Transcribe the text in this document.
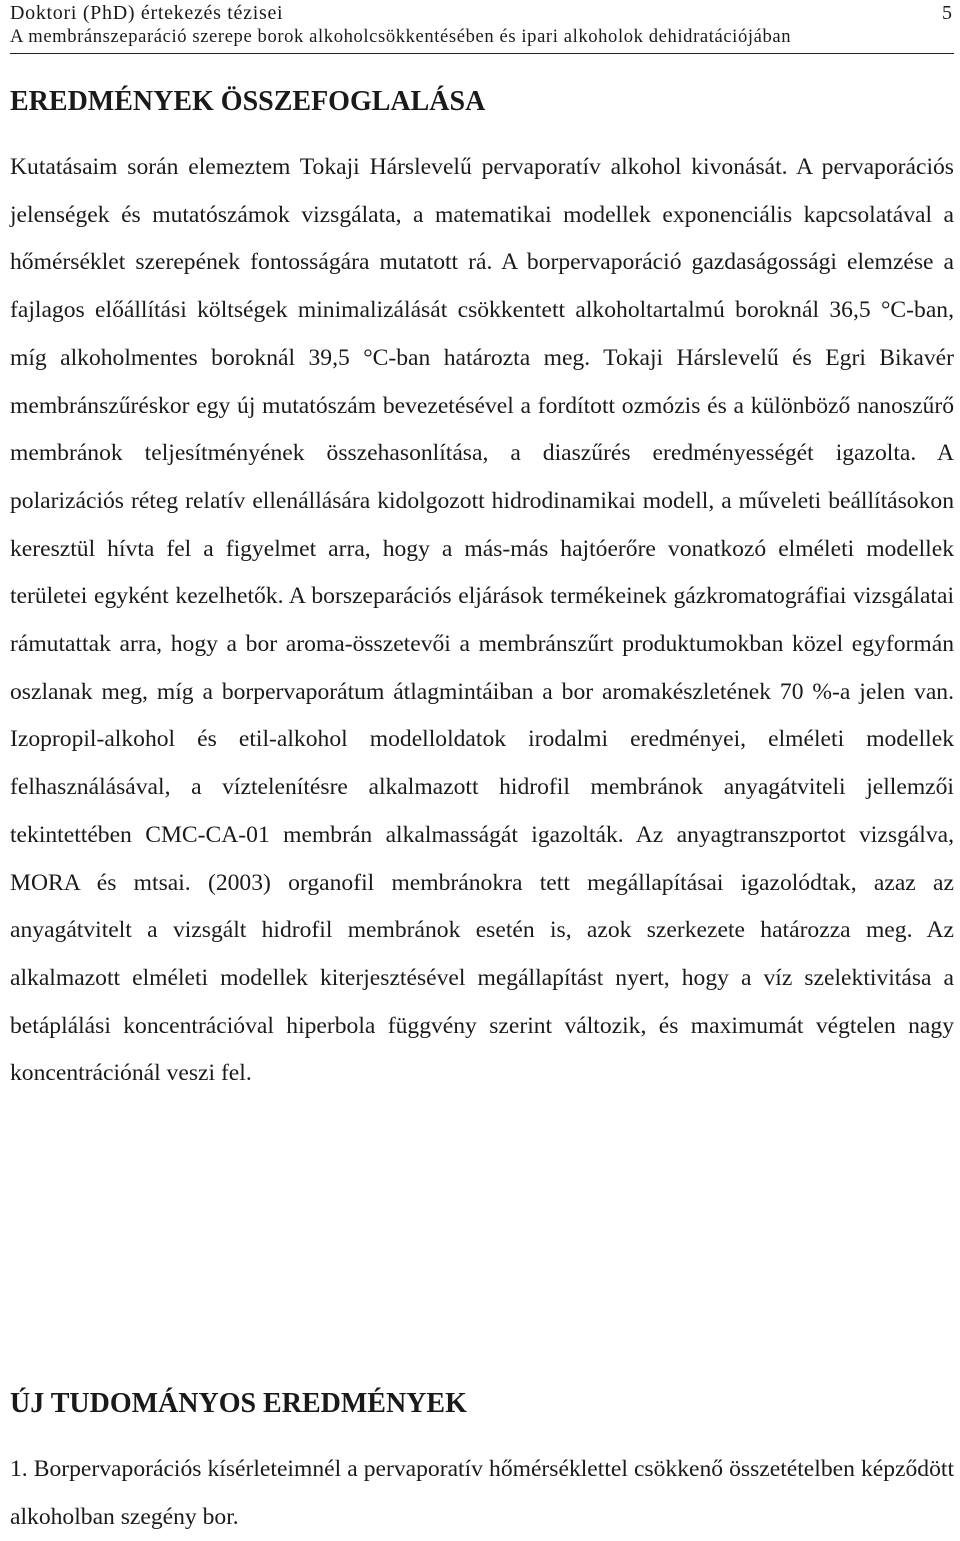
Doktori (PhD) értekezés tézisei	5
A membránszeparáció szerepe borok alkoholcsökkentésében és ipari alkoholok dehidratációjában
EREDMÉNYEK ÖSSZEFOGLALÁSA
Kutatásaim során elemeztem Tokaji Hárslevelű pervaporatív alkohol kivonását. A pervaporációs jelenségek és mutatószámok vizsgálata, a matematikai modellek exponenciális kapcsolatával a hőmérséklet szerepének fontosságára mutatott rá. A borpervaporáció gazdaságossági elemzése a fajlagos előállítási költségek minimalizálását csökkentett alkoholtartalmú boroknál 36,5 °C-ban, míg alkoholmentes boroknál 39,5 °C-ban határozta meg. Tokaji Hárslevelű és Egri Bikavér membránszűréskor egy új mutatószám bevezetésével a fordított ozmózis és a különböző nanoszűrő membránok teljesítményének összehasonlítása, a diaszűrés eredményességét igazolta. A polarizációs réteg relatív ellenállására kidolgozott hidrodinamikai modell, a műveleti beállításokon keresztül hívta fel a figyelmet arra, hogy a más-más hajtóerőre vonatkozó elméleti modellek területei egyként kezelhetők. A borszeparációs eljárások termékeinek gázkromatográfiai vizsgálatai rámutattak arra, hogy a bor aroma-összetevői a membránszűrt produktumokban közel egyformán oszlanak meg, míg a borpervaporátum átlagmintáiban a bor aromakészletének 70 %-a jelen van. Izopropil-alkohol és etil-alkohol modelloldatok irodalmi eredményei, elméleti modellek felhasználásával, a víztelenítésre alkalmazott hidrofil membránok anyagátviteli jellemzői tekintettében CMC-CA-01 membrán alkalmasságát igazolták. Az anyagtranszportot vizsgálva, MORA és mtsai. (2003) organofil membránokra tett megállapításai igazolódtak, azaz az anyagátvitelt a vizsgált hidrofil membránok esetén is, azok szerkezete határozza meg. Az alkalmazott elméleti modellek kiterjesztésével megállapítást nyert, hogy a víz szelektivitása a betáplálási koncentrációval hiperbola függvény szerint változik, és maximumát végtelen nagy koncentrációnál veszi fel.
ÚJ TUDOMÁNYOS EREDMÉNYEK
1. Borpervaporációs kísérleteimnél a pervaporatív hőmérséklettel csökkenő összetételben képződött alkoholban szegény bor.
